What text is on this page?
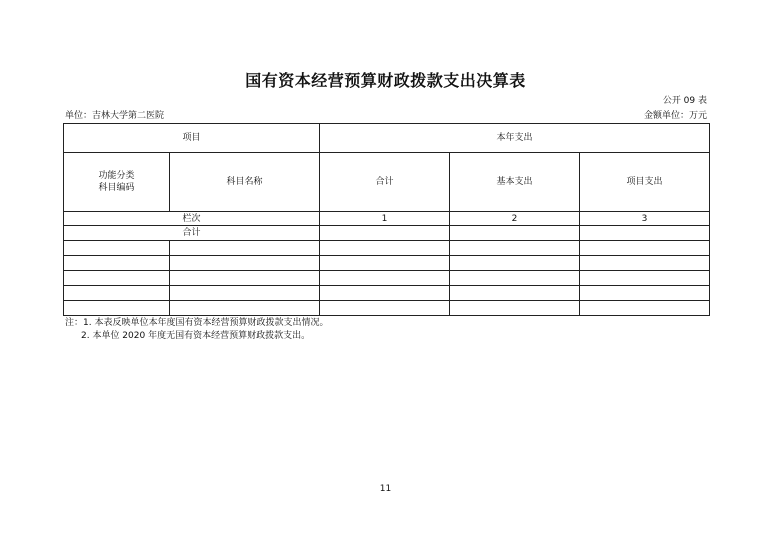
国有资本经营预算财政拨款支出决算表
公开 09 表
单位：吉林大学第二医院	金额单位：万元
项目		本年支出		

功能分类
科目编码	科目名称	合计	基本支出	项目支出
栏次		1	2	3
合计				

注：1. 本表反映单位本年度国有资本经营预算财政拨款支出情况。
2. 本单位 2020 年度无国有资本经营预算财政拨款支出。
11
